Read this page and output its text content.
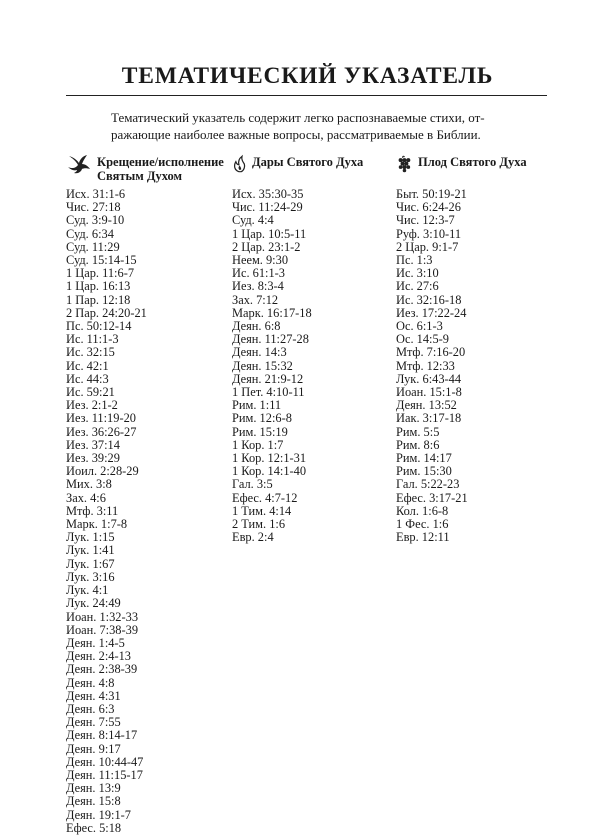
ТЕМАТИЧЕСКИЙ УКАЗАТЕЛЬ

Тематический указатель содержит легко распознаваемые стихи, отражающие наиболее важные вопросы, рассматриваемые в Библии.

Крещение/исполнение Святым Духом
Исх. 31:1-6
Чис. 27:18
Суд. 3:9-10
Суд. 6:34
Суд. 11:29
Суд. 15:14-15
1 Цар. 11:6-7
1 Цар. 16:13
1 Пар. 12:18
2 Пар. 24:20-21
Пс. 50:12-14
Ис. 11:1-3
Ис. 32:15
Ис. 42:1
Ис. 44:3
Ис. 59:21
Иез. 2:1-2
Иез. 11:19-20
Иез. 36:26-27
Иез. 37:14
Иез. 39:29
Иоил. 2:28-29
Мих. 3:8
Зах. 4:6
Мтф. 3:11
Марк. 1:7-8
Лук. 1:15
Лук. 1:41
Лук. 1:67
Лук. 3:16
Лук. 4:1
Лук. 24:49
Иоан. 1:32-33
Иоан. 7:38-39
Деян. 1:4-5
Деян. 2:4-13
Деян. 2:38-39
Деян. 4:8
Деян. 4:31
Деян. 6:3
Деян. 7:55
Деян. 8:14-17
Деян. 9:17
Деян. 10:44-47
Деян. 11:15-17
Деян. 13:9
Деян. 15:8
Деян. 19:1-7
Ефес. 5:18
Дары Святого Духа
Исх. 35:30-35
Чис. 11:24-29
Суд. 4:4
1 Цар. 10:5-11
2 Цар. 23:1-2
Неем. 9:30
Ис. 61:1-3
Иез. 8:3-4
Зах. 7:12
Марк. 16:17-18
Деян. 6:8
Деян. 11:27-28
Деян. 14:3
Деян. 15:32
Деян. 21:9-12
1 Пет. 4:10-11
Рим. 1:11
Рим. 12:6-8
Рим. 15:19
1 Кор. 1:7
1 Кор. 12:1-31
1 Кор. 14:1-40
Гал. 3:5
Ефес. 4:7-12
1 Тим. 4:14
2 Тим. 1:6
Евр. 2:4
Плод Святого Духа
Быт. 50:19-21
Чис. 6:24-26
Чис. 12:3-7
Руф. 3:10-11
2 Цар. 9:1-7
Пс. 1:3
Ис. 3:10
Ис. 27:6
Ис. 32:16-18
Иез. 17:22-24
Ос. 6:1-3
Ос. 14:5-9
Мтф. 7:16-20
Мтф. 12:33
Лук. 6:43-44
Иоан. 15:1-8
Деян. 13:52
Иак. 3:17-18
Рим. 5:5
Рим. 8:6
Рим. 14:17
Рим. 15:30
Гал. 5:22-23
Ефес. 3:17-21
Кол. 1:6-8
1 Фес. 1:6
Евр. 12:11
